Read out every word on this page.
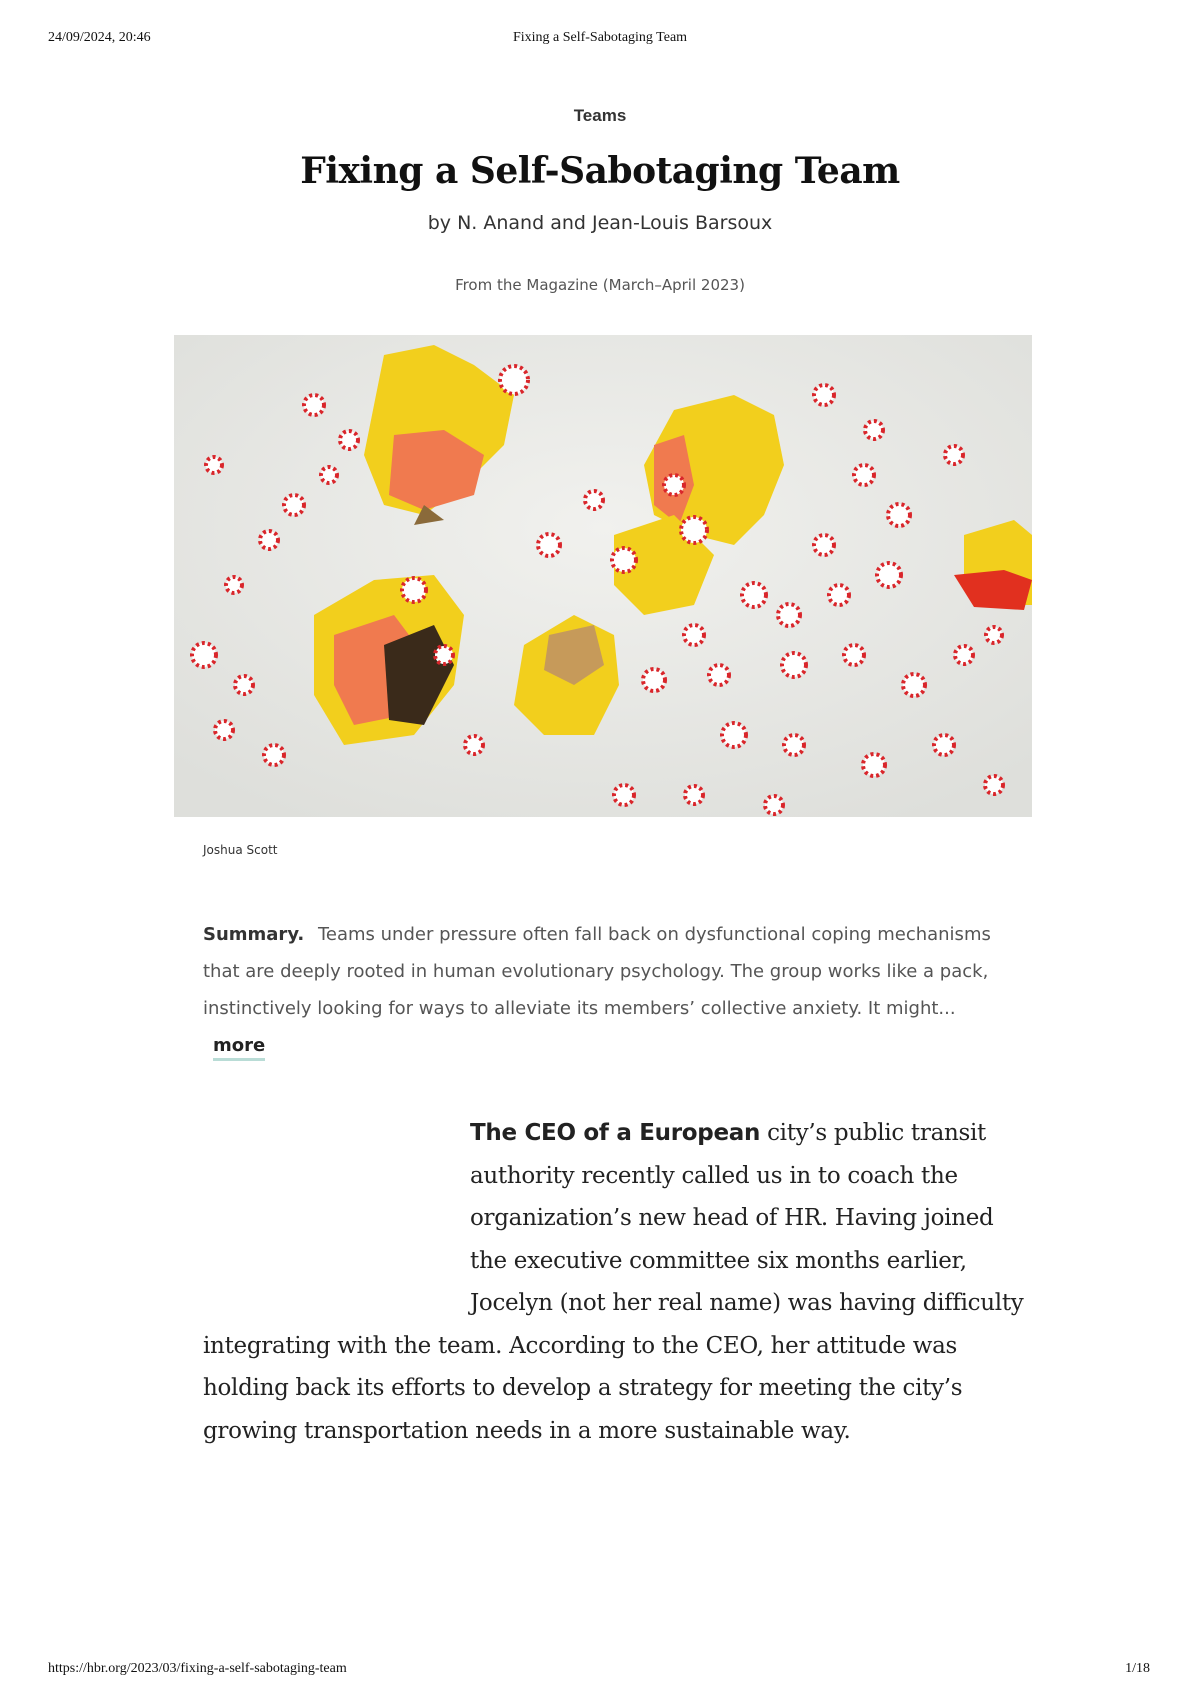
24/09/2024, 20:46	Fixing a Self-Sabotaging Team
Teams
Fixing a Self-Sabotaging Team
by N. Anand and Jean-Louis Barsoux
From the Magazine (March–April 2023)
Joshua Scott
Summary. Teams under pressure often fall back on dysfunctional coping mechanisms that are deeply rooted in human evolutionary psychology. The group works like a pack, instinctively looking for ways to alleviate its members’ collective anxiety. It might... more
The CEO of a European city’s public transit authority recently called us in to coach the organization’s new head of HR. Having joined the executive committee six months earlier, Jocelyn (not her real name) was having difficulty integrating with the team. According to the CEO, her attitude was holding back its efforts to develop a strategy for meeting the city’s growing transportation needs in a more sustainable way.
https://hbr.org/2023/03/fixing-a-self-sabotaging-team	1/18
